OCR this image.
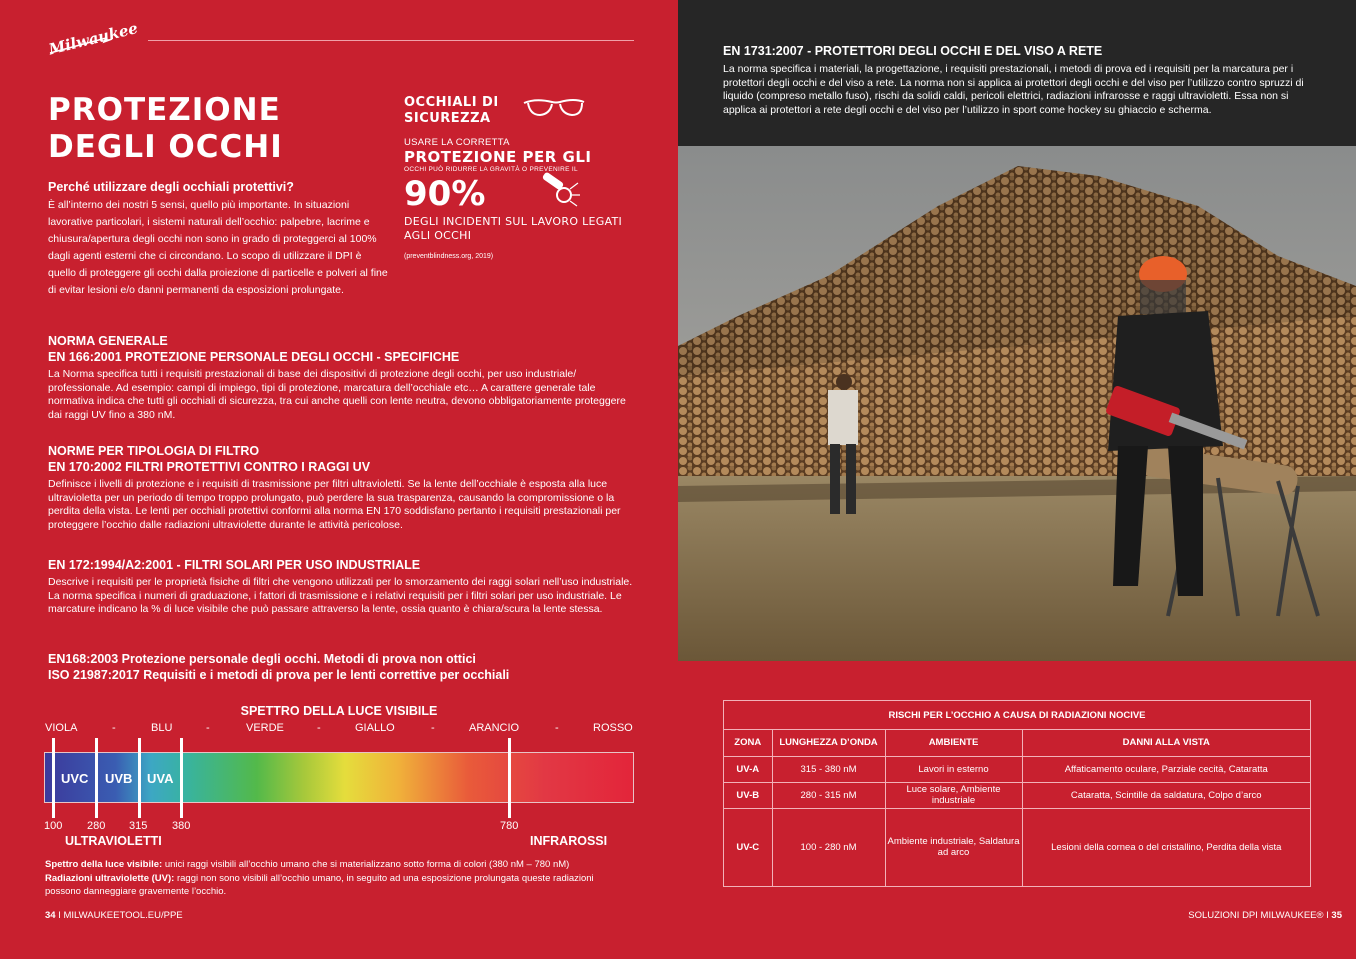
Milwaukee
PROTEZIONE
DEGLI OCCHI
Perché utilizzare degli occhiali protettivi?
È all’interno dei nostri 5 sensi, quello più importante. In situazioni lavorative particolari, i sistemi naturali dell’occhio: palpebre, lacrime e chiusura/apertura degli occhi non sono in grado di proteggerci al 100% dagli agenti esterni che ci circondano. Lo scopo di utilizzare il DPI è quello di proteggere gli occhi dalla proiezione di particelle e polveri al fine di evitar lesioni e/o danni permanenti da esposizioni prolungate.
OCCHIALI DI SICUREZZA
USARE LA CORRETTA
PROTEZIONE PER GLI
OCCHI PUÒ RIDURRE LA GRAVITÀ O PREVENIRE IL
90%
DEGLI INCIDENTI SUL LAVORO LEGATI AGLI OCCHI
(preventblindness.org, 2019)
NORMA GENERALE
EN 166:2001 PROTEZIONE PERSONALE DEGLI OCCHI - SPECIFICHE
La Norma specifica tutti i requisiti prestazionali di base dei dispositivi di protezione degli occhi, per uso industriale/ professionale. Ad esempio: campi di impiego, tipi di protezione, marcatura dell’occhiale etc… A carattere generale tale normativa indica che tutti gli occhiali di sicurezza, tra cui anche quelli con lente neutra, devono obbligatoriamente proteggere dai raggi UV fino a 380 nM.
NORME PER TIPOLOGIA DI FILTRO
EN 170:2002 FILTRI PROTETTIVI CONTRO I RAGGI UV
Definisce i livelli di protezione e i requisiti di trasmissione per filtri ultravioletti. Se la lente dell’occhiale è esposta alla luce ultravioletta per un periodo di tempo troppo prolungato, può perdere la sua trasparenza, causando la compromissione o la perdita della vista. Le lenti per occhiali protettivi conformi alla norma EN 170 soddisfano pertanto i requisiti prestazionali per proteggere l’occhio dalle radiazioni ultraviolette durante le attività pericolose.
EN 172:1994/A2:2001 - FILTRI SOLARI PER USO INDUSTRIALE
Descrive i requisiti per le proprietà fisiche di filtri che vengono utilizzati per lo smorzamento dei raggi solari nell’uso industriale. La norma specifica i numeri di graduazione, i fattori di trasmissione e i relativi requisiti per i filtri solari per uso industriale. Le marcature indicano la % di luce visibile che può passare attraverso la lente, ossia quanto è chiara/scura la lente stessa.
EN168:2003 Protezione personale degli occhi. Metodi di prova non ottici
ISO 21987:2017 Requisiti e i metodi di prova per le lenti correttive per occhiali
SPETTRO DELLA LUCE VISIBILE
VIOLA	-	BLU	-	VERDE	-	GIALLO	-	ARANCIO	-	ROSSO
UVC UVB UVA
100 280 315 380	780
ULTRAVIOLETTI	INFRAROSSI
Spettro della luce visibile: unici raggi visibili all’occhio umano che si materializzano sotto forma di colori (380 nM – 780 nM)
Radiazioni ultraviolette (UV): raggi non sono visibili all’occhio umano, in seguito ad una esposizione prolungata queste radiazioni possono danneggiare gravemente l’occhio.
34 I MILWAUKEETOOL.EU/PPE
EN 1731:2007 - PROTETTORI DEGLI OCCHI E DEL VISO A RETE
La norma specifica i materiali, la progettazione, i requisiti prestazionali, i metodi di prova ed i requisiti per la marcatura per i protettori degli occhi e del viso a rete. La norma non si applica ai protettori degli occhi e del viso per l’utilizzo contro spruzzi di liquido (compreso metallo fuso), rischi da solidi caldi, pericoli elettrici, radiazioni infrarosse e raggi ultravioletti. Essa non si applica ai protettori a rete degli occhi e del viso per l’utilizzo in sport come hockey su ghiaccio e scherma.
RISCHI PER L’OCCHIO A CAUSA DI RADIAZIONI NOCIVE
ZONA	LUNGHEZZA D’ONDA	AMBIENTE	DANNI ALLA VISTA
UV-A	315 - 380 nM	Lavori in esterno	Affaticamento oculare, Parziale cecità, Cataratta
UV-B	280 - 315 nM	Luce solare, Ambiente industriale	Cataratta, Scintille da saldatura, Colpo d’arco
UV-C	100 - 280 nM	Ambiente industriale, Saldatura ad arco	Lesioni della cornea o del cristallino, Perdita della vista
SOLUZIONI DPI MILWAUKEE® I 35
